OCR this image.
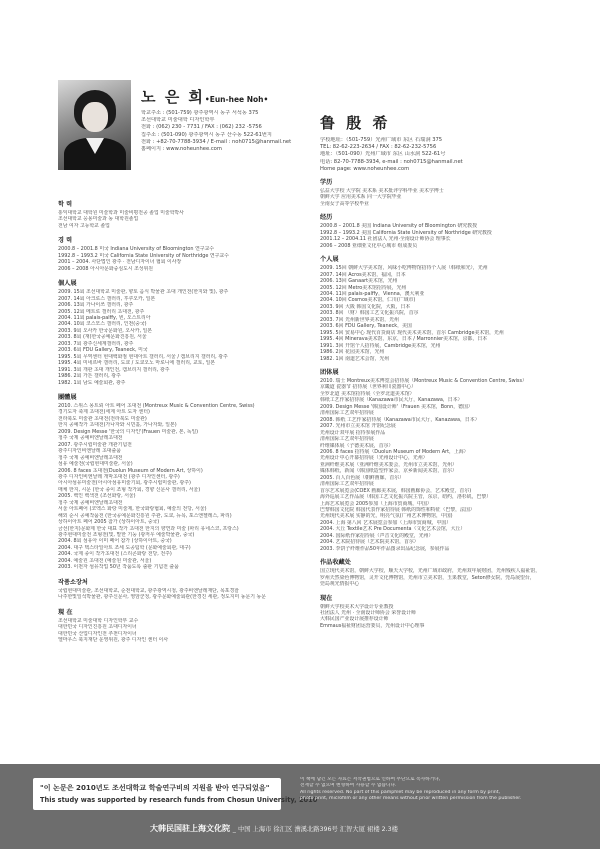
노 은 희•Eun-hee Noh•
학교주소 : (501-759) 광주광역시 동구 서석동 375
조선대학교 미술대학 디자인학부
전화 : (062) 230 - 7731 / FAX : (062) 232 -5756
집주소 : (501-090) 광주광역시 동구 산수동 522-61번지
전화 : +82-70-7788-3934 / E-mail : noh0715@hanmail.net
홈페이지 : www.noheunhee.com
鲁 殷 希
学校地址：（501-759）光州广域市 东区 石瑞洞 375
TEL: 82-62-223-2634 / FAX : 82-62-232-5756
地址：（501-090）光州广域市 东区 山水洞 522-61号
电话: 82-70-7788-3934, e-mail : noh0715@hanmail.net
Home page: www.noheunhee.com
학 력
홍익대학교 대학원 미술학과 미술비평전공 졸업 미술학박사
조선대학교 응용미술과 동 대학원졸업
전남 여자 고등학교 졸업
경 력
2000.8 – 2001.8 미국 Indiana University of Bloomington 연구교수
1992.8 – 1993.2 미국 California State University of Northridge 연구교수
2001 – 2004. 사단법인 광주 · 전남디자이너 협회 이사장
2006 – 2008 아시아문화중심도시 조성위원
個人展
2009. 15회 조선대학교 미술관, 향토 음식 박물관 초대 개인전(한지와 빛), 광주
2007. 14회 아크로스 갤러리, 후쿠오카, 일본
2006. 13회 가나이쓰 갤러리, 광주
2005. 12회 메트로 갤러리 초대전, 광주
2004. 11회 palais-palffy, 빈, 오스트리아
2004. 10회 코스모스 갤러리, 인천(중국)
2003. 9회 오사카 한국문화원, 오사카, 일본
2003. 8회 (재)한국공예문화진흥원, 서울
2003. 7회 광주신세계갤러리, 광주
2003. 6회 FDU Gallery, Teaneck, 미국
1995. 5회 무역센터 현대백화점 현대아트 갤러리, 서울 / 캠브리지 갤러리, 광주
1995. 4회 미네르바 갤러리, 도쿄 / 도쿄오노 마로니에 갤러리, 교토, 일본
1991. 3회 개관 초대 개인전, 캠브리지 갤러리, 광주
1986. 2회 가든 갤러리, 광주
1982. 1회 남도 예술회관, 광주
團體展
2010. 스위스 몽트뢰 아트 페어 초대전 (Montreux Music & Convention Centre, Swiss)
경기도자 축제 초대전(세계 아트 도자 센터)
전라북도 미술관 초대전(전라북도 미술관)
한지 공예작가 초대전(가나자와 시민홀, 가나자와, 일본)
2009. Design Messe '한국의 디자인'(Frauen 미술관, 본, 독일)
청주 국제 공예비엔날레초대전
2007. 광주시립미술관 개관기념전
광주디자인비엔날레 초대출품
청주 국제 공예비엔날레초대전
섬유 예술전(국립현대미술관, 서울)
2006. 8 faces 초대전(Duolun Museum of Modern Art, 상하이)
광주 디자인비엔날레 개막초대전 (광주 디자인센터, 광주)
아시아섬유미술전(아시아섬유미술기회, 광주시립미술관, 광주)
매체 한지, 시문 (한국 종이 조형 작가회, 경향 신문사 갤러리, 서울)
2005. 백인 백색전 (조선화랑, 서울)
청주 국제 공예비엔날레초대전
서울 아트페어 (코엑스 화랑 미술제, 한국화랑협회, 예술의 전당, 서울)
해외 순시 공예작품전 (한국공예문화진흥원 주관, 도쿄, 뉴욕, 포스앤젤레스, 파리)
상하이아트 페어 2005 참가 (상하이아트, 중국)
금선(한지)문화제 한국 대표 작가 초대전 한지의 향연과 미술 (파리 유네스코, 프랑스)
광주현대미술전 조형전(빛, 말한 기둥 (광저우 예술박물관, 중국)
2004. 8회 섬유아 이미 페어 참가 (상하이아트, 중국)
2004. 대구 텍스타일아트 조세 도공팀학 (문화예술회관, 대구)
2004. 국제 종이 작가초대전 (스리콘화랑 전당, 전주)
2004. 예술원 초대전 (예술원 미술관, 서울)
2003. 이천자 섬유작업 50년 작품도록 출판 기념전 출품
작품소장처
국립현대미술관, 조선대학교, 순천대학교, 광주광역시청, 광주비엔날레재단, 목포경찰
나주한빛일석박물관, 광주신문사, 영암군청, 광주문화예술회관(한경진 세관, 정도지미 동문기 동문
現 在
조선대학교 미술대학 디자인학부 교수
대한민국 디자인진흥원 초대디자이너
대한민국 산업디자인전 추천디자이너
엘마우스 북지재단 운영위원, 광주 디자인 센터 이사
学历
弘益大学校 大学院 美术系 美术批评学科毕业 美术学博士
朝鲜大学 应用美术系 同一大学院毕业
全南女子高等学校毕业
经历
2000.8 – 2001.8 美国 Indiana University of Bloomington 研究教授
1992.8 – 1993.2 美国 California State University of Northridge 研究教授
2001.12 – 2004.11 社团法人 光州·全南设计师协会 理事长
2006 – 2008 亚细亚文化中心城市 组成委员
个人展
2009. 15回 朝鲜大学美术馆，风味小吃博物馆招待个人展（韩纸和光），光州
2007. 14回 Acros美术馆，福冈，日本
2006. 13回 Ganaart美术馆，光州
2005. 12回 Metro美术馆招待展，光州
2004. 11回 palais-palffy，Vienna，澳大利亚
2004. 10回 Cosmos美术馆，仁川(广域市)
2003. 9回 大阪 韩国文化院，大阪，日本
2003. 8回 （财）韩国工艺文化振兴院，首尔
2003. 7回 光州新世界美术馆，光州
2003. 6回 FDU Gallery, Teaneck，美国
1995. 5回 贸易中心 现代百货商店 现代美术美术馆，首尔 Cambridge美术馆，光州
1995. 4回 Minerava美术馆，东京，日本 / Marronnier美术馆，京都，日本
1991. 3回 开馆个人招待展，Cambridge美术馆，光州
1986. 2回 花园美术馆，光州
1982. 1回 南道艺术会馆，光州
团体展
2010. 瑞士 Montreux美术博览会招待展（Montreux Music & Convention Centre, Swiss）
京畿道 瓷器节 招待展（世界利川瓷器中心）
全罗北道 美术馆招待展（全罗北道美术馆）
韩纸工艺作家招待展（Kanazawa市民大厅，Kanazawa，日本）
2009. Design Messe '韩国设计师'（Frauen 美术馆，Bonn，德国）
清州国际工艺双年招待展
2008. 韩纸 工艺作家招待展（Kanazawa市民大厅，Kanazawa，日本）
2007. 光州市立美术馆 开馆纪念展
光州设计双年展 招待参展作品
清州国际工艺双年招待展
纤维媒体展（子德美术展，首尔）
2006. 8 faces 招待展（Duolun Museum of Modern Art，上海）
光州设计中心开幕招待展（光州设计中心，光州）
亚洲纤维美术展（亚洲纤维美术委会，光州市立美术馆，光州）
媒体韩纸，新闻（韩国纸造型作家会，京乡新闻美术馆，首尔）
2005. 百人百色展（朝鲜画廊，首尔）
清州国际工艺双年招待展
首尔艺术展览会(COEX 画廊美术展，韩国画廊协会，艺术殿堂，首尔)
海外巡展工艺作品展（韩国工艺文化振兴院主管，东京，纽约，洛杉矶，巴黎）
上海艺术展览会 2005参加（上海市贸商城，中国）
巴黎韩国文化院 韩国代表作家招待展 韩纸的饰性和特征（巴黎，法国）
光州现代美术展 实静的光，明亮气氛(广州艺术博物馆，中国)
2004. 上海 第八回 艺术展览会参加（上海市贸商城，中国）
2004. 大丘 Textile艺术 Pre Documenta（文化艺术会馆，大丘）
2004. 国际纸作家招待展（声音文化的殿堂，光州）
2004. 艺术院招待展（艺术院美术馆，首尔）
2003. 李饼子纤维作品50年作品图录出品纪念展，参展作品
作品收藏处
国立现代美术馆，朝鲜大学校，顺天大学校，光州广域市政府，光州双年展财团，光州残疾人福祉馆，
罗州天然染色博物馆，灵开文化博物馆，光州市立美术馆，玉果教堂，Seton修女院，莞岛展望台，
莞岛观光情报中心
现在
朝鲜大学校美术大学设计专业教授
社团法人 光州 · 全南设计师协会 荣誉设计师
大韩民国产业设计展推荐设计师
Emmaus福祉财团运营委员，光州设计中心理事
"이 논문은 2010년도 조선대학교 학술연구비의 지원을 받아 연구되었음"
This study was supported by research funds from Chosun University, 2010
이 책에 담긴 모든 자료는 저작권법으로 인하여 무단으로 복사하거나,
전재할 수 없으며 변형하여 사용할 수 없습니다.
All rights reserved. No part of this pamphlet may be reproduced in any form by print,
photo print, microfilm or any other means without prior written permission from the publisher.
大韩民国驻上海文化院 _ 中国 上海市 徐汇区 漕溪北路396号 汇智大厦 裙楼 2.3楼
